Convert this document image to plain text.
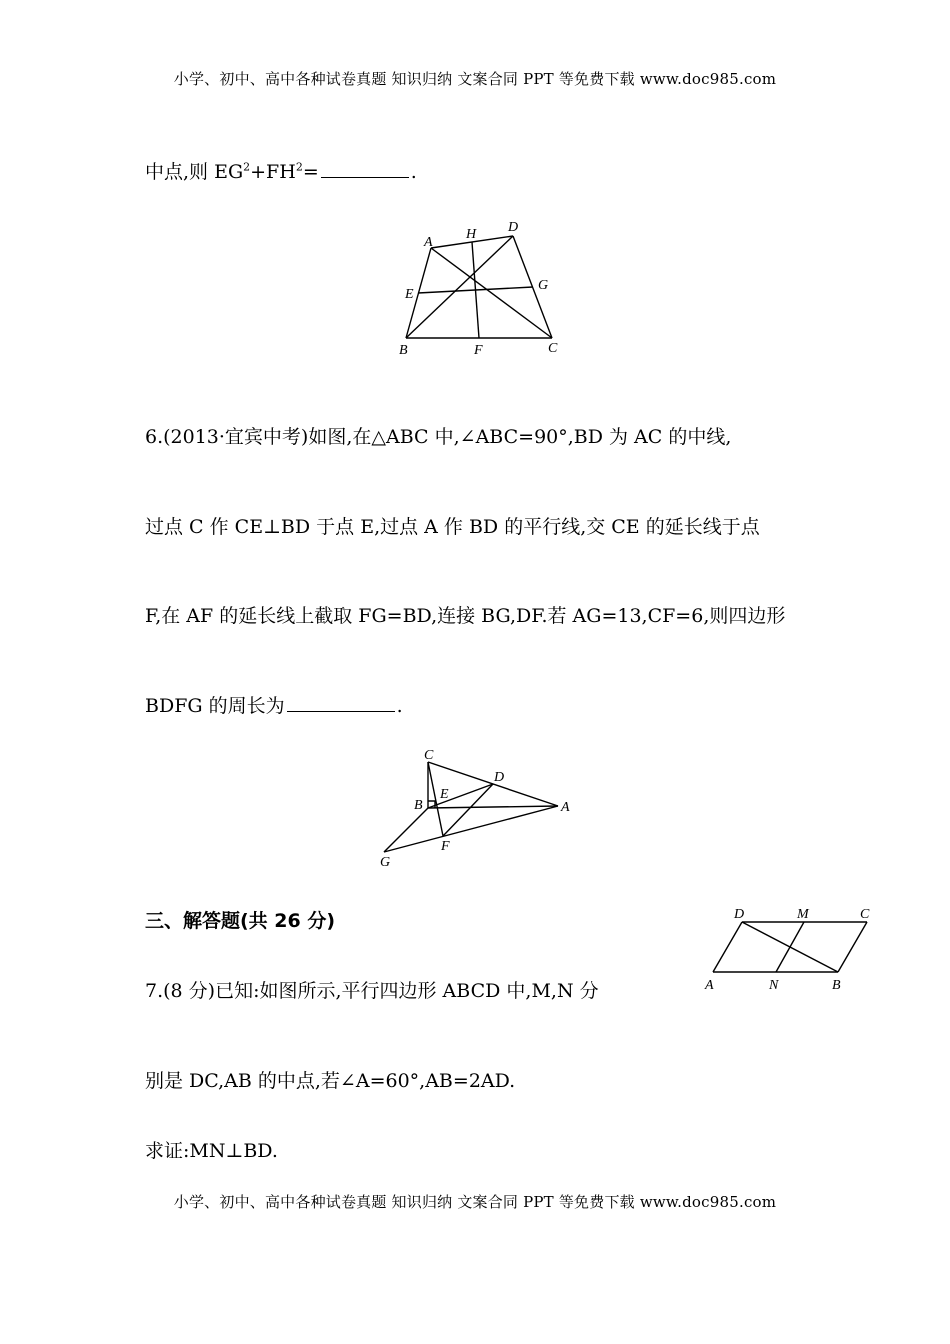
小学、初中、高中各种试卷真题 知识归纳 文案合同 PPT 等免费下载 www.doc985.com
中点,则 $EG^2+FH^2=$	.
A
H D
E
G
B	F	C
6.(2013·宜宾中考)如图,在△ABC 中,∠ABC=90°,BD 为 AC 的中线,
过点 C 作 CE⊥BD 于点 E,过点 A 作 BD 的平行线,交 CE 的延长线于点
F,在 AF 的延长线上截取 FG=BD,连接 BG,DF.若 AG=13,CF=6,则四边形
BDFG 的周长为	.
C
D
B
E
A
F
G
三、解答题(共 26 分)
7.(8 分)已知:如图所示,平行四边形 ABCD 中,M,N 分
别是 DC,AB 的中点,若∠A=60°,AB=2AD.
求证:MN⊥BD.
D	M	C
A	N	B
小学、初中、高中各种试卷真题 知识归纳 文案合同 PPT 等免费下载 www.doc985.com
